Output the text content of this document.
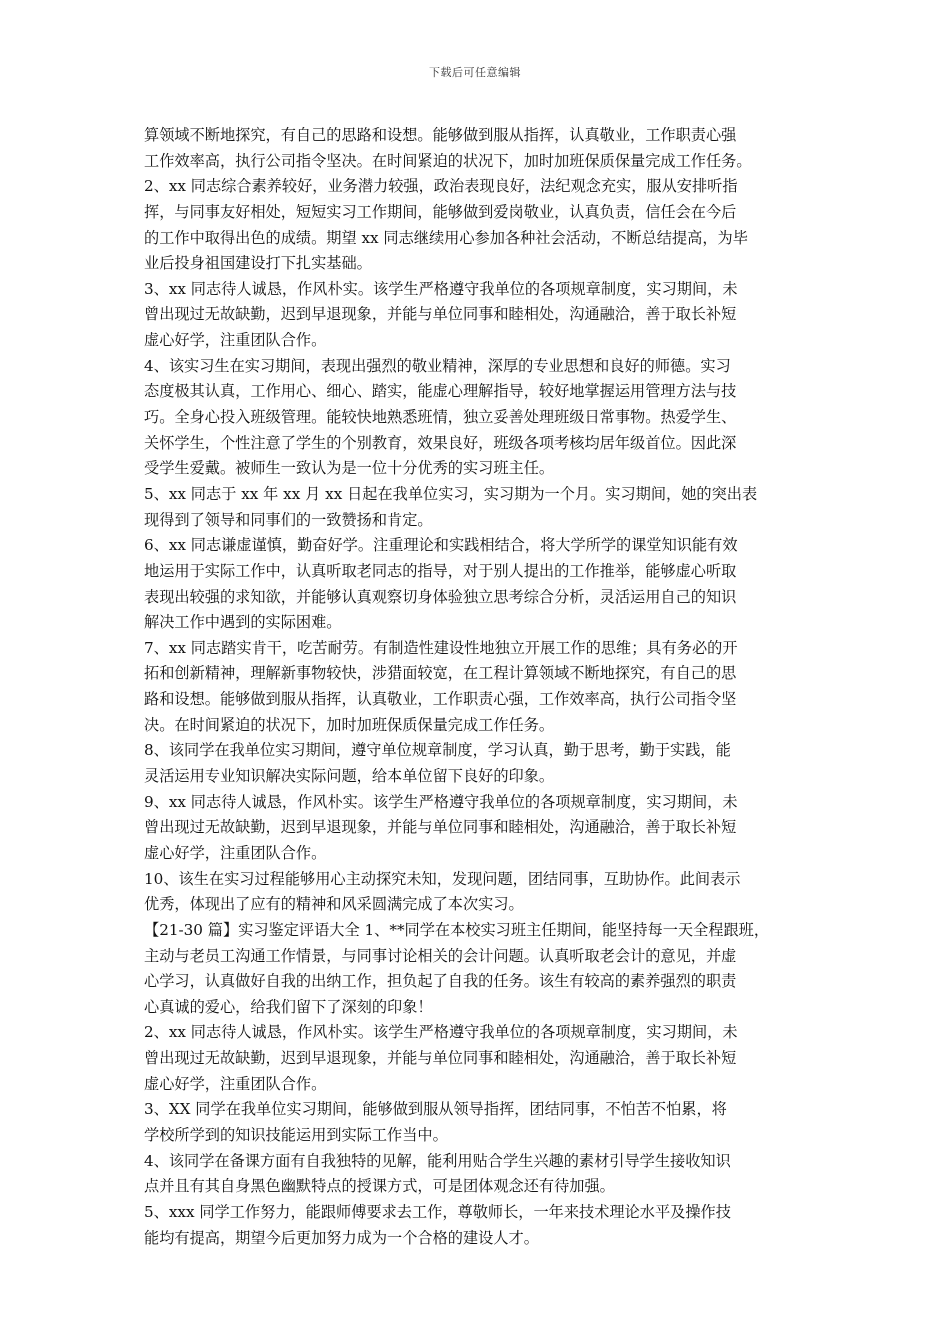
下载后可任意编辑
算领域不断地探究，有自己的思路和设想。能够做到服从指挥，认真敬业，工作职责心强
工作效率高，执行公司指令坚决。在时间紧迫的状况下，加时加班保质保量完成工作任务。
2、xx 同志综合素养较好，业务潜力较强，政治表现良好，法纪观念充实，服从安排听指
挥，与同事友好相处，短短实习工作期间，能够做到爱岗敬业，认真负责，信任会在今后
的工作中取得出色的成绩。期望 xx 同志继续用心参加各种社会活动，不断总结提高，为毕
业后投身祖国建设打下扎实基础。
3、xx 同志待人诚恳，作风朴实。该学生严格遵守我单位的各项规章制度，实习期间，未
曾出现过无故缺勤，迟到早退现象，并能与单位同事和睦相处，沟通融洽，善于取长补短
虚心好学，注重团队合作。
4、该实习生在实习期间，表现出强烈的敬业精神，深厚的专业思想和良好的师德。实习
态度极其认真，工作用心、细心、踏实，能虚心理解指导，较好地掌握运用管理方法与技
巧。全身心投入班级管理。能较快地熟悉班情，独立妥善处理班级日常事物。热爱学生、
关怀学生，个性注意了学生的个别教育，效果良好，班级各项考核均居年级首位。因此深
受学生爱戴。被师生一致认为是一位十分优秀的实习班主任。
5、xx 同志于 xx 年 xx 月 xx 日起在我单位实习，实习期为一个月。实习期间，她的突出表
现得到了领导和同事们的一致赞扬和肯定。
6、xx 同志谦虚谨慎，勤奋好学。注重理论和实践相结合，将大学所学的课堂知识能有效
地运用于实际工作中，认真听取老同志的指导，对于别人提出的工作推举，能够虚心听取
表现出较强的求知欲，并能够认真观察切身体验独立思考综合分析，灵活运用自己的知识
解决工作中遇到的实际困难。
7、xx 同志踏实肯干，吃苦耐劳。有制造性建设性地独立开展工作的思维；具有务必的开
拓和创新精神，理解新事物较快，涉猎面较宽，在工程计算领域不断地探究，有自己的思
路和设想。能够做到服从指挥，认真敬业，工作职责心强，工作效率高，执行公司指令坚
决。在时间紧迫的状况下，加时加班保质保量完成工作任务。
8、该同学在我单位实习期间，遵守单位规章制度，学习认真，勤于思考，勤于实践，能
灵活运用专业知识解决实际问题，给本单位留下良好的印象。
9、xx 同志待人诚恳，作风朴实。该学生严格遵守我单位的各项规章制度，实习期间，未
曾出现过无故缺勤，迟到早退现象，并能与单位同事和睦相处，沟通融洽，善于取长补短
虚心好学，注重团队合作。
10、该生在实习过程能够用心主动探究未知，发现问题，团结同事，互助协作。此间表示
优秀，体现出了应有的精神和风采圆满完成了本次实习。
【21-30 篇】实习鉴定评语大全 1、**同学在本校实习班主任期间，能坚持每一天全程跟班，
主动与老员工沟通工作情景，与同事讨论相关的会计问题。认真听取老会计的意见，并虚
心学习，认真做好自我的出纳工作，担负起了自我的任务。该生有较高的素养强烈的职责
心真诚的爱心，给我们留下了深刻的印象！
2、xx 同志待人诚恳，作风朴实。该学生严格遵守我单位的各项规章制度，实习期间，未
曾出现过无故缺勤，迟到早退现象，并能与单位同事和睦相处，沟通融洽，善于取长补短
虚心好学，注重团队合作。
3、XX 同学在我单位实习期间，能够做到服从领导指挥，团结同事，不怕苦不怕累，将
学校所学到的知识技能运用到实际工作当中。
4、该同学在备课方面有自我独特的见解，能利用贴合学生兴趣的素材引导学生接收知识
点并且有其自身黑色幽默特点的授课方式，可是团体观念还有待加强。
5、xxx 同学工作努力，能跟师傅要求去工作，尊敬师长，一年来技术理论水平及操作技
能均有提高，期望今后更加努力成为一个合格的建设人才。
